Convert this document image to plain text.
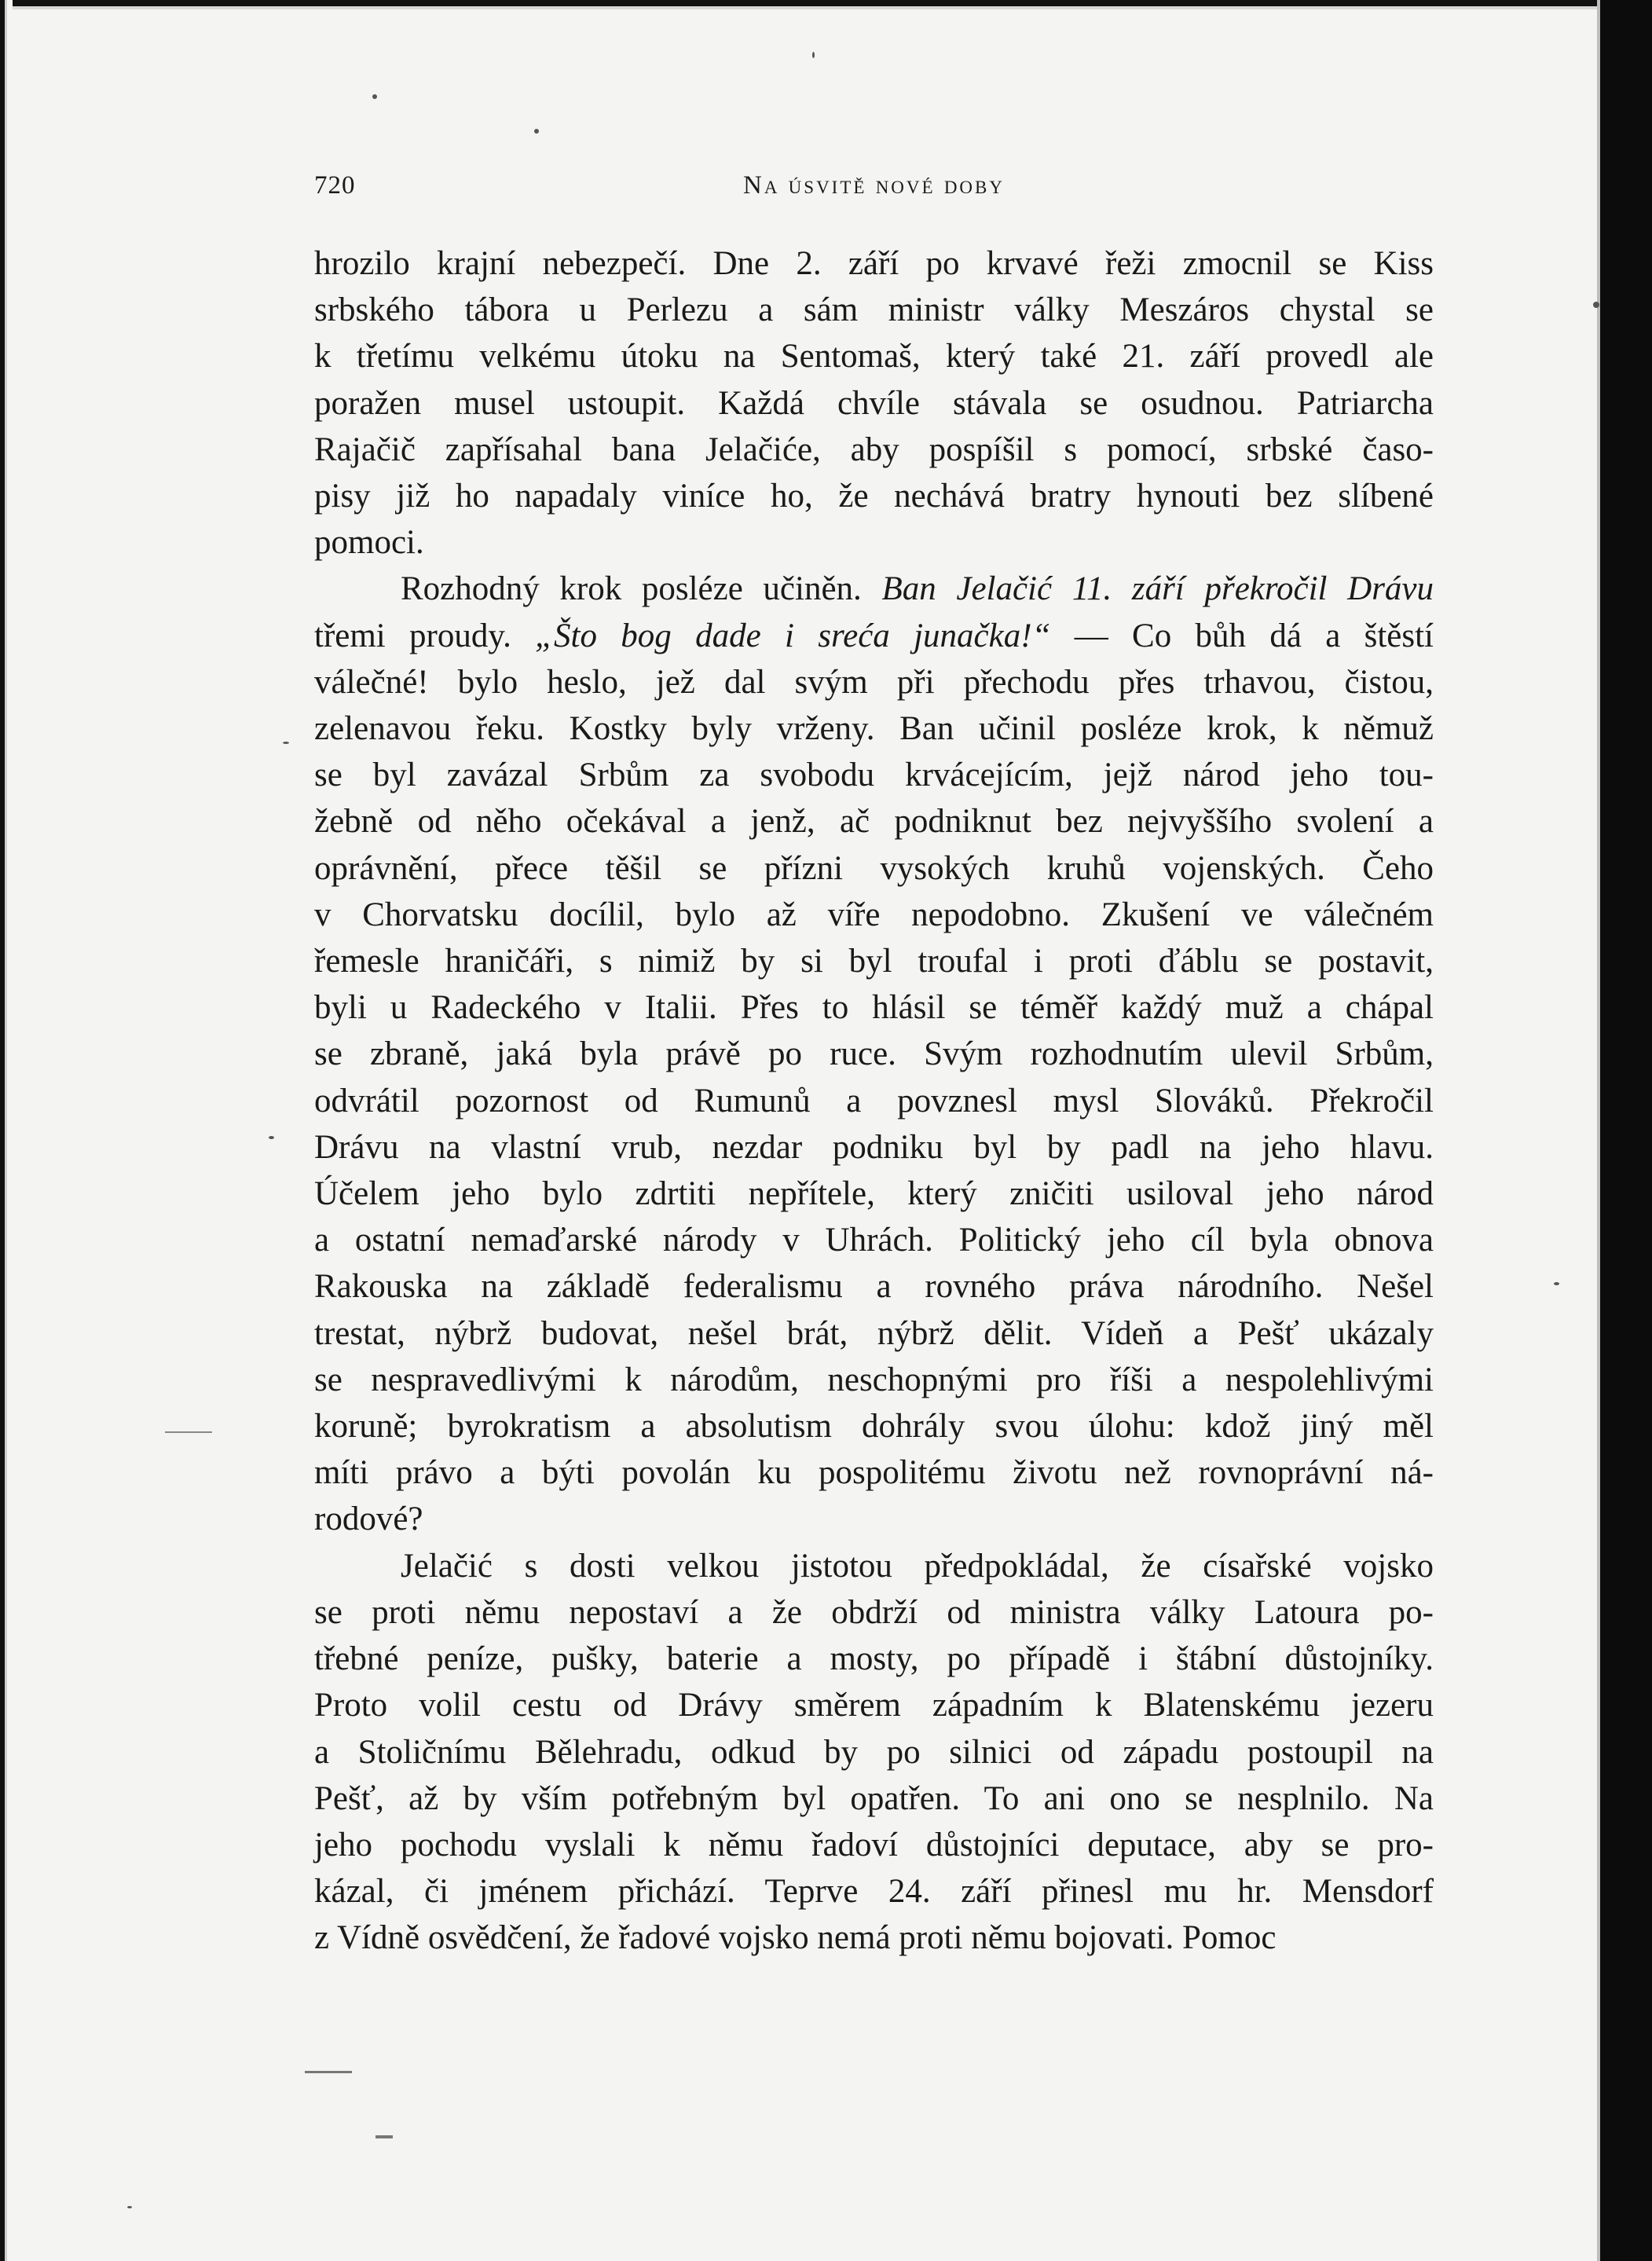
720	Na úsvitě nové doby
hrozilo krajní nebezpečí. Dne 2. září po krvavé řeži zmocnil se Kiss
srbského tábora u Perlezu a sám ministr války Meszáros chystal se
k třetímu velkému útoku na Sentomaš, který také 21. září provedl ale
poražen musel ustoupit. Každá chvíle stávala se osudnou. Patriarcha
Rajačič zapřísahal bana Jelačiće, aby pospíšil s pomocí, srbské časo-
pisy již ho napadaly viníce ho, že nechává bratry hynouti bez slíbené
pomoci.
Rozhodný krok posléze učiněn. Ban Jelačić 11. září překročil Drávu
třemi proudy. „Što bog dade i sreća junačka!“ — Co bůh dá a štěstí
válečné! bylo heslo, jež dal svým při přechodu přes trhavou, čistou,
zelenavou řeku. Kostky byly vrženy. Ban učinil posléze krok, k němuž
se byl zavázal Srbům za svobodu krvácejícím, jejž národ jeho tou-
žebně od něho očekával a jenž, ač podniknut bez nejvyššího svolení a
oprávnění, přece těšil se přízni vysokých kruhů vojenských. Čeho
v Chorvatsku docílil, bylo až víře nepodobno. Zkušení ve válečném
řemesle hraničáři, s nimiž by si byl troufal i proti ďáblu se postavit,
byli u Radeckého v Italii. Přes to hlásil se téměř každý muž a chápal
se zbraně, jaká byla právě po ruce. Svým rozhodnutím ulevil Srbům,
odvrátil pozornost od Rumunů a povznesl mysl Slováků. Překročil
Drávu na vlastní vrub, nezdar podniku byl by padl na jeho hlavu.
Účelem jeho bylo zdrtiti nepřítele, který zničiti usiloval jeho národ
a ostatní nemaďarské národy v Uhrách. Politický jeho cíl byla obnova
Rakouska na základě federalismu a rovného práva národního. Nešel
trestat, nýbrž budovat, nešel brát, nýbrž dělit. Vídeň a Pešť ukázaly
se nespravedlivými k národům, neschopnými pro říši a nespolehlivými
koruně; byrokratism a absolutism dohrály svou úlohu: kdož jiný měl
míti právo a býti povolán ku pospolitému životu než rovnoprávní ná-
rodové?
Jelačić s dosti velkou jistotou předpokládal, že císařské vojsko
se proti němu nepostaví a že obdrží od ministra války Latoura po-
třebné peníze, pušky, baterie a mosty, po případě i štábní důstojníky.
Proto volil cestu od Drávy směrem západním k Blatenskému jezeru
a Stoličnímu Bělehradu, odkud by po silnici od západu postoupil na
Pešť, až by vším potřebným byl opatřen. To ani ono se nesplnilo. Na
jeho pochodu vyslali k němu řadoví důstojníci deputace, aby se pro-
kázal, či jménem přichází. Teprve 24. září přinesl mu hr. Mensdorf
z Vídně osvědčení, že řadové vojsko nemá proti němu bojovati. Pomoc
